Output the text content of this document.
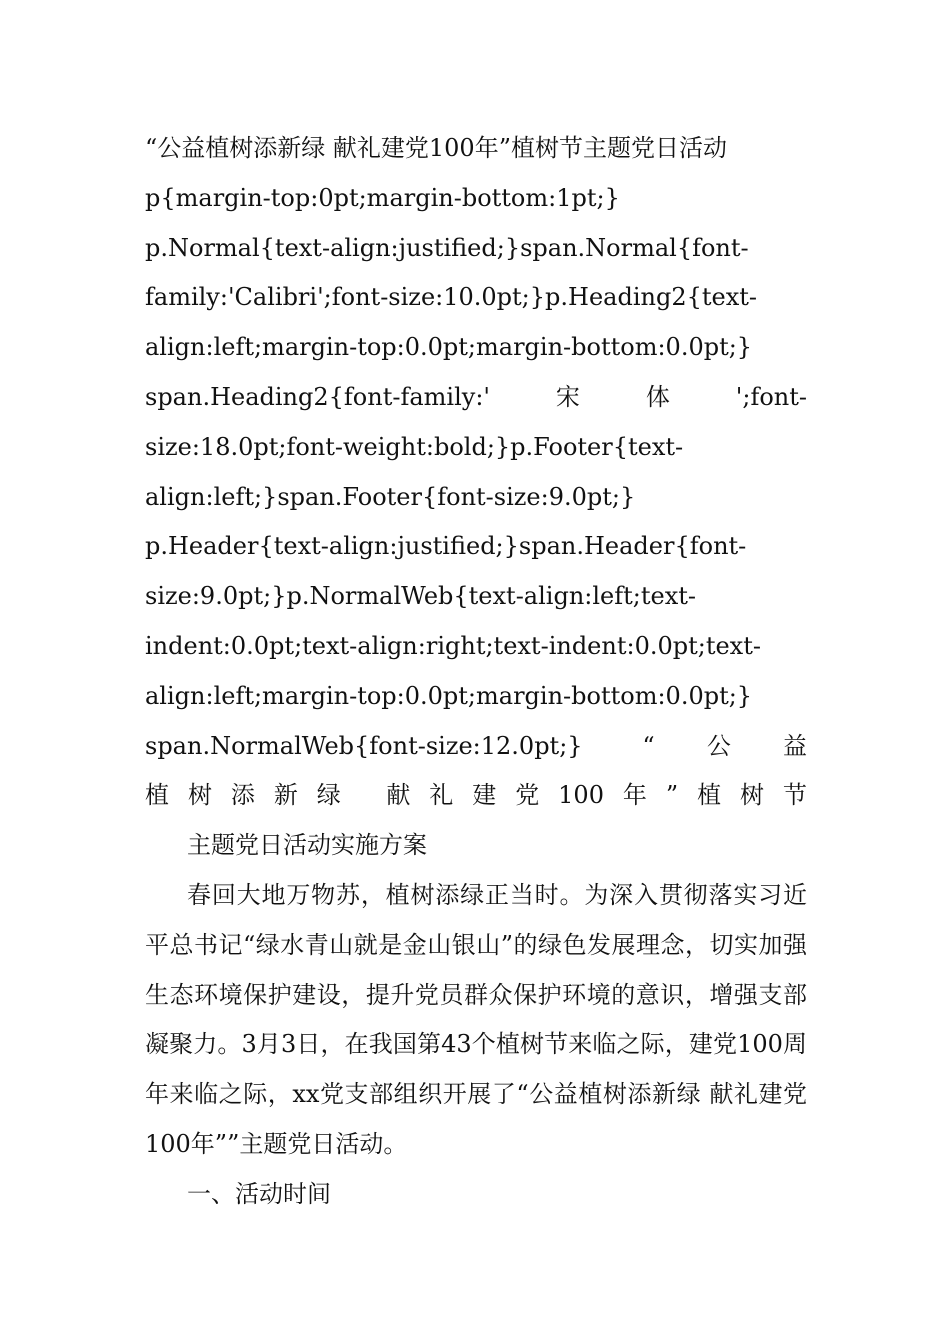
“公益植树添新绿 献礼建党100年”植树节主题党日活动

p{margin-top:0pt;margin-bottom:1pt;}

p.Normal{text-align:justified;}span.Normal{font-

family:'Calibri';font-size:10.0pt;}p.Heading2{text-

align:left;margin-top:0.0pt;margin-bottom:0.0pt;}

span.Heading2{font-family:'宋体';font-

size:18.0pt;font-weight:bold;}p.Footer{text-

align:left;}span.Footer{font-size:9.0pt;}

p.Header{text-align:justified;}span.Header{font-

size:9.0pt;}p.NormalWeb{text-align:left;text-

indent:0.0pt;text-align:right;text-indent:0.0pt;text-

align:left;margin-top:0.0pt;margin-bottom:0.0pt;}

span.NormalWeb{font-size:12.0pt;} “公益

植树添新绿 献礼建党100年”植树节

主题党日活动实施方案

春回大地万物苏，植树添绿正当时。为深入贯彻落实习近平总书记“绿水青山就是金山银山”的绿色发展理念，切实加强生态环境保护建设，提升党员群众保护环境的意识，增强支部凝聚力。3月3日，在我国第43个植树节来临之际，建党100周年来临之际，xx党支部组织开展了“公益植树添新绿 献礼建党100年””主题党日活动。

一、活动时间
